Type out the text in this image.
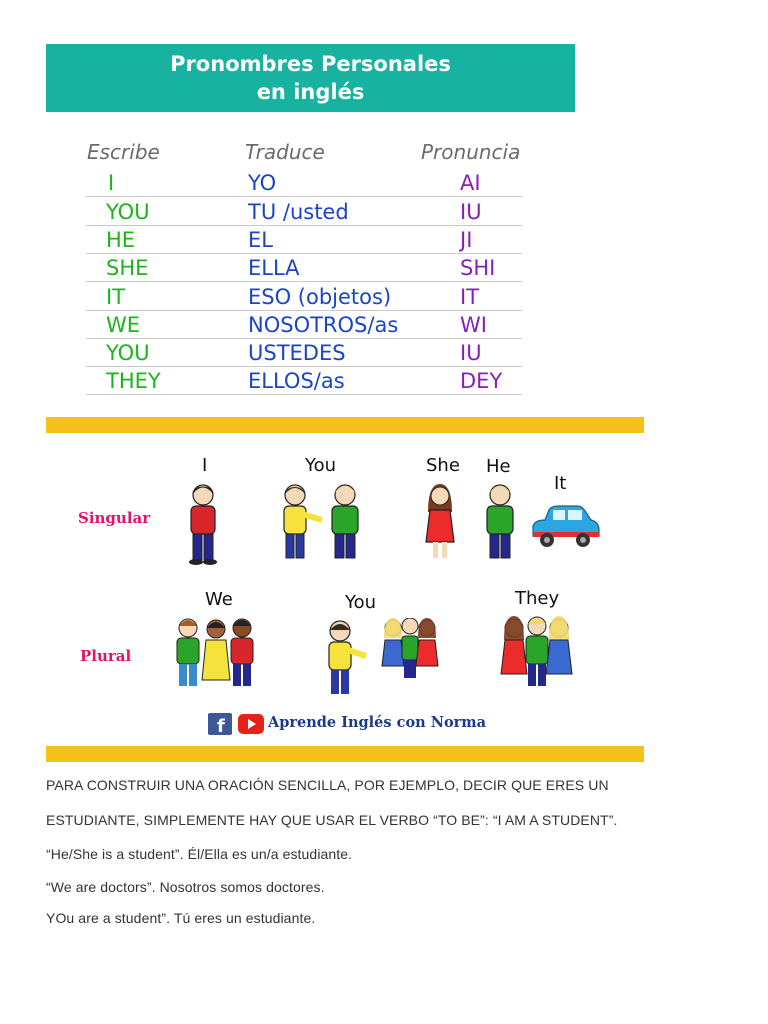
Pronombres Personales
en inglés
Escribe	Traduce	Pronuncia
I	YO	AI
YOU	TU /usted	IU
HE	EL	JI
SHE	ELLA	SHI
IT	ESO (objetos)	IT
WE	NOSOTROS/as	WI
YOU	USTEDES	IU
THEY	ELLOS/as	DEY
I	You	She He
It
Singular
We	You	They
Plural
f	Aprende Inglés con Norma
PARA CONSTRUIR UNA ORACIÓN SENCILLA, POR EJEMPLO, DECIR QUE ERES UN
ESTUDIANTE, SIMPLEMENTE HAY QUE USAR EL VERBO “TO BE”: “I AM A STUDENT”.
“He/She is a student”. Él/Ella es un/a estudiante.
“We are doctors”. Nosotros somos doctores.
YOu are a student”. Tú eres un estudiante.
